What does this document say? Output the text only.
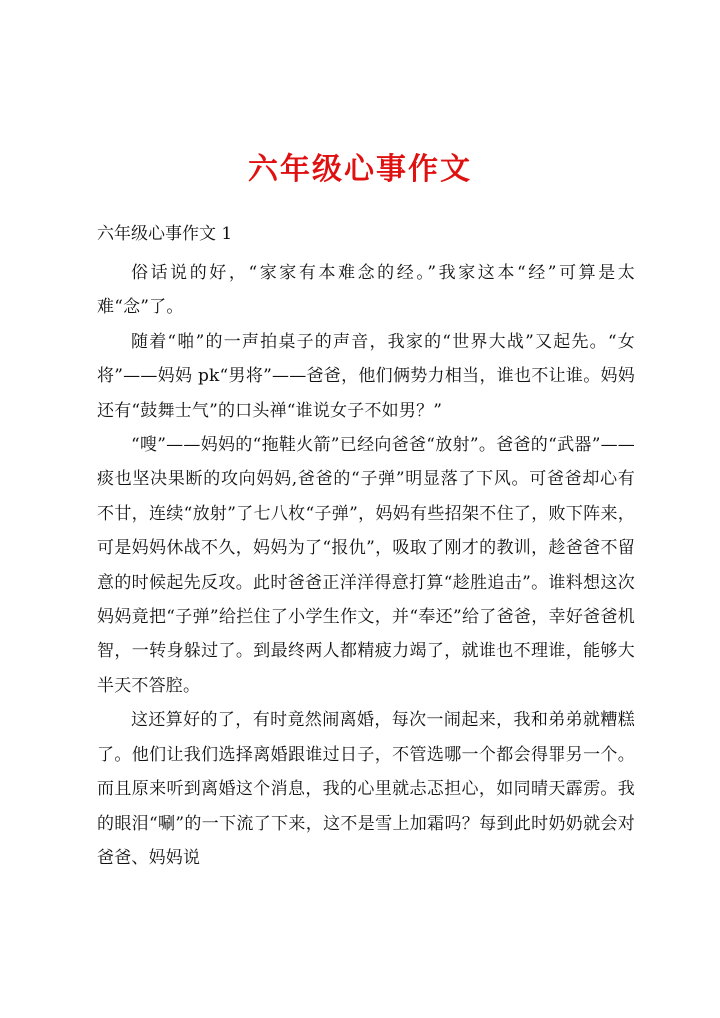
六年级心事作文

六年级心事作文 1

俗话说的好，“家家有本难念的经。”我家这本“经”可算是太难“念”了。

随着“啪”的一声拍桌子的声音，我家的“世界大战”又起先。“女将”——妈妈 pk“男将”——爸爸，他们俩势力相当，谁也不让谁。妈妈还有“鼓舞士气”的口头禅“谁说女子不如男？”

“嗖”——妈妈的“拖鞋火箭”已经向爸爸“放射”。爸爸的“武器”——痰也坚决果断的攻向妈妈,爸爸的“子弹”明显落了下风。可爸爸却心有不甘，连续“放射”了七八枚“子弹”，妈妈有些招架不住了，败下阵来，可是妈妈休战不久，妈妈为了“报仇”，吸取了刚才的教训，趁爸爸不留意的时候起先反攻。此时爸爸正洋洋得意打算“趁胜追击”。谁料想这次妈妈竟把“子弹”给拦住了小学生作文，并“奉还”给了爸爸，幸好爸爸机智，一转身躲过了。到最终两人都精疲力竭了，就谁也不理谁，能够大半天不答腔。

这还算好的了，有时竟然闹离婚，每次一闹起来，我和弟弟就糟糕了。他们让我们选择离婚跟谁过日子，不管选哪一个都会得罪另一个。而且原来听到离婚这个消息，我的心里就忐忑担心，如同晴天霹雳。我的眼泪“唰”的一下流了下来，这不是雪上加霜吗？每到此时奶奶就会对爸爸、妈妈说
